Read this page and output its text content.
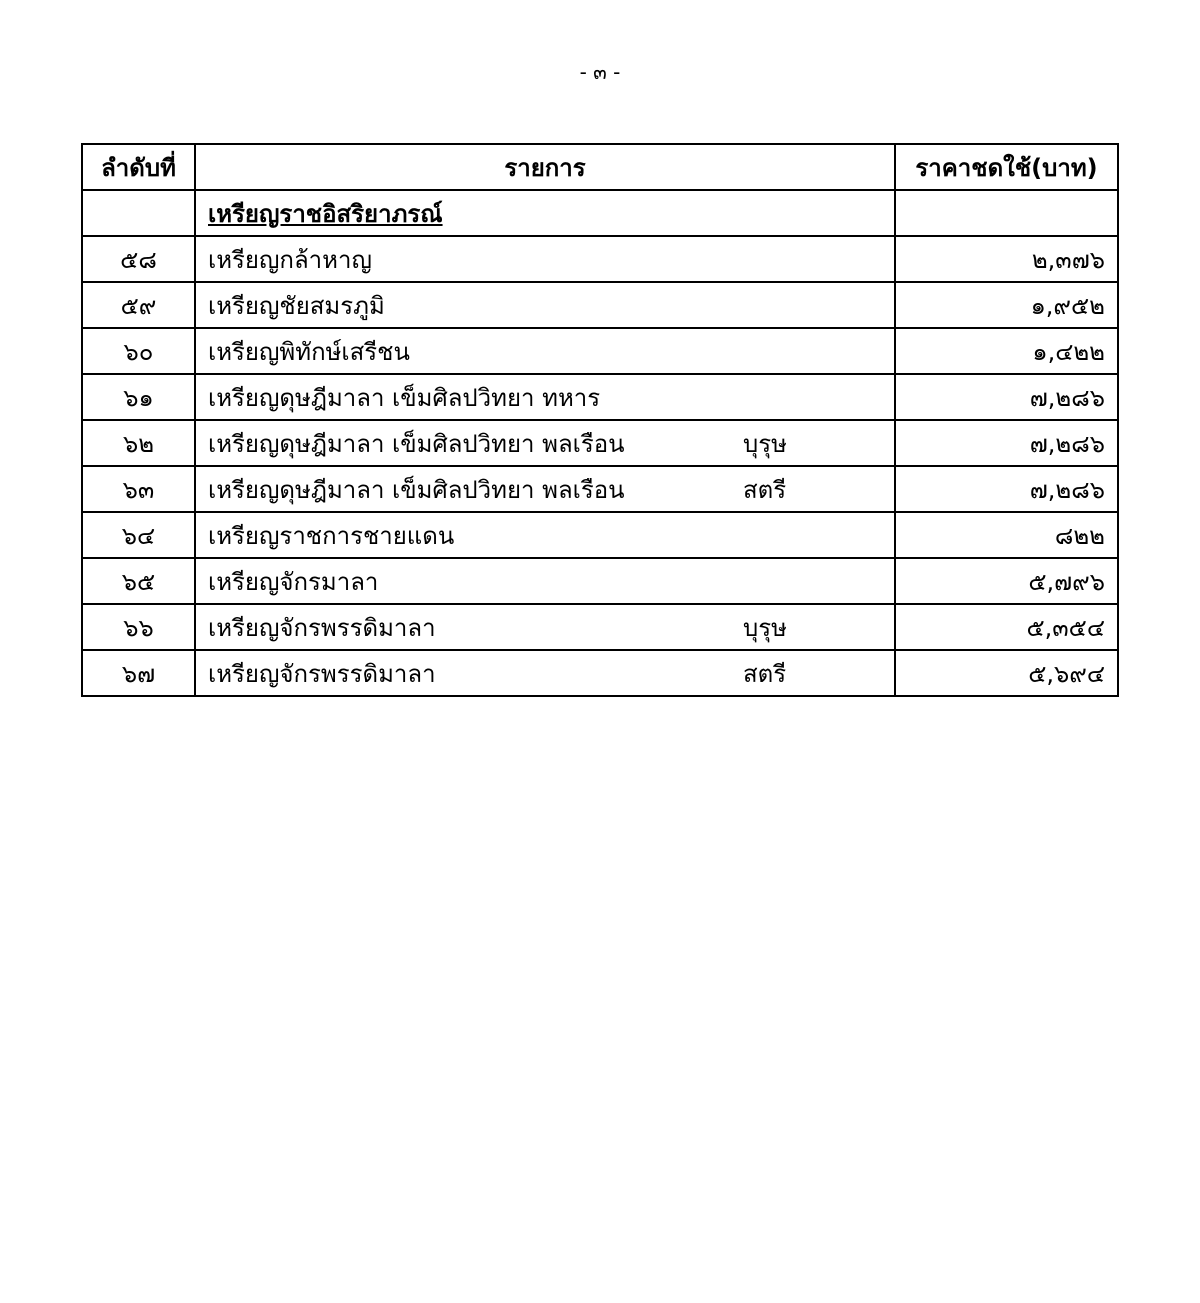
- ๓ -
ลำดับที่	รายการ	ราคาชดใช้(บาท)
	เหรียญราชอิสริยาภรณ์	
๕๘	เหรียญกล้าหาญ	๒,๓๗๖
๕๙	เหรียญชัยสมรภูมิ	๑,๙๕๒
๖๐	เหรียญพิทักษ์เสรีชน	๑,๔๒๒
๖๑	เหรียญดุษฎีมาลา เข็มศิลปวิทยา ทหาร	๗,๒๘๖
๖๒	เหรียญดุษฎีมาลา เข็มศิลปวิทยา พลเรือน บุรุษ	๗,๒๘๖
๖๓	เหรียญดุษฎีมาลา เข็มศิลปวิทยา พลเรือน สตรี	๗,๒๘๖
๖๔	เหรียญราชการชายแดน	๘๒๒
๖๕	เหรียญจักรมาลา	๕,๗๙๖
๖๖	เหรียญจักรพรรดิมาลา บุรุษ	๕,๓๕๔
๖๗	เหรียญจักรพรรดิมาลา สตรี	๕,๖๙๔
